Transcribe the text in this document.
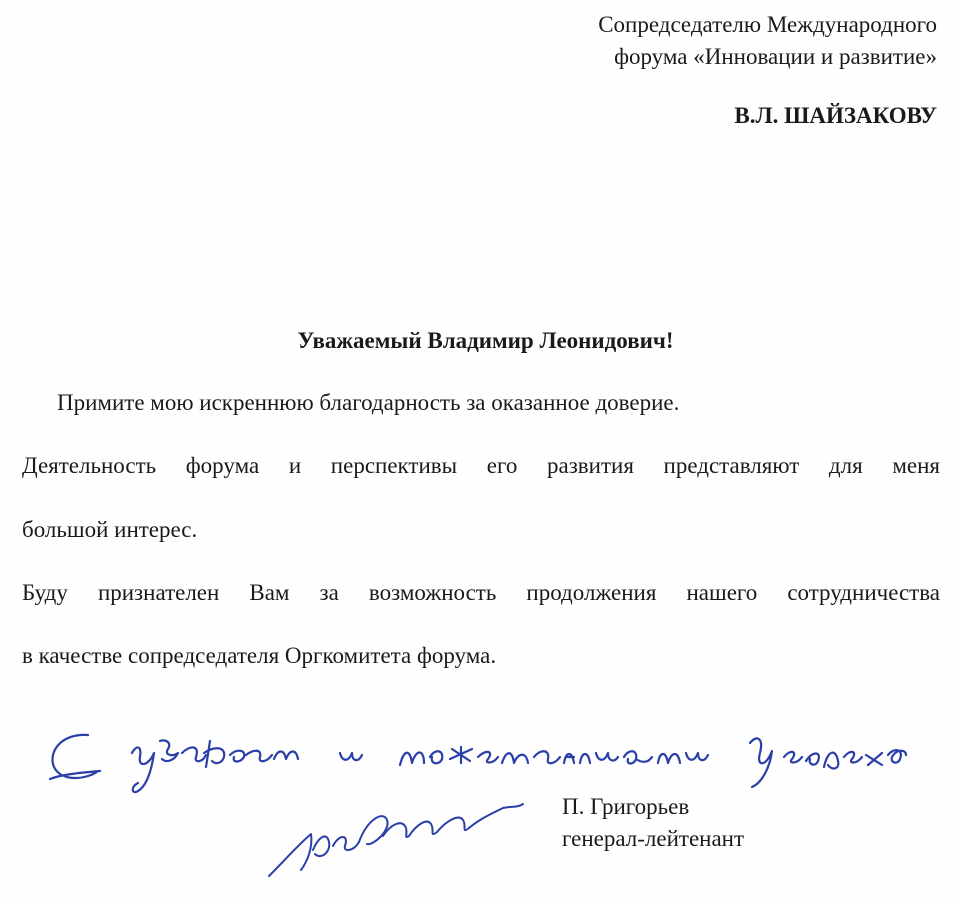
Сопредседателю Международного
форума «Инновации и развитие»
В.Л. ШАЙЗАКОВУ
Уважаемый Владимир Леонидович!
Примите мою искреннюю благодарность за оказанное доверие.
Деятельность форума и перспективы его развития представляют для меня
большой интерес.
Буду признателен Вам за возможность продолжения нашего сотрудничества
в качестве сопредседателя Оргкомитета форума.
П. Григорьев
генерал-лейтенант
